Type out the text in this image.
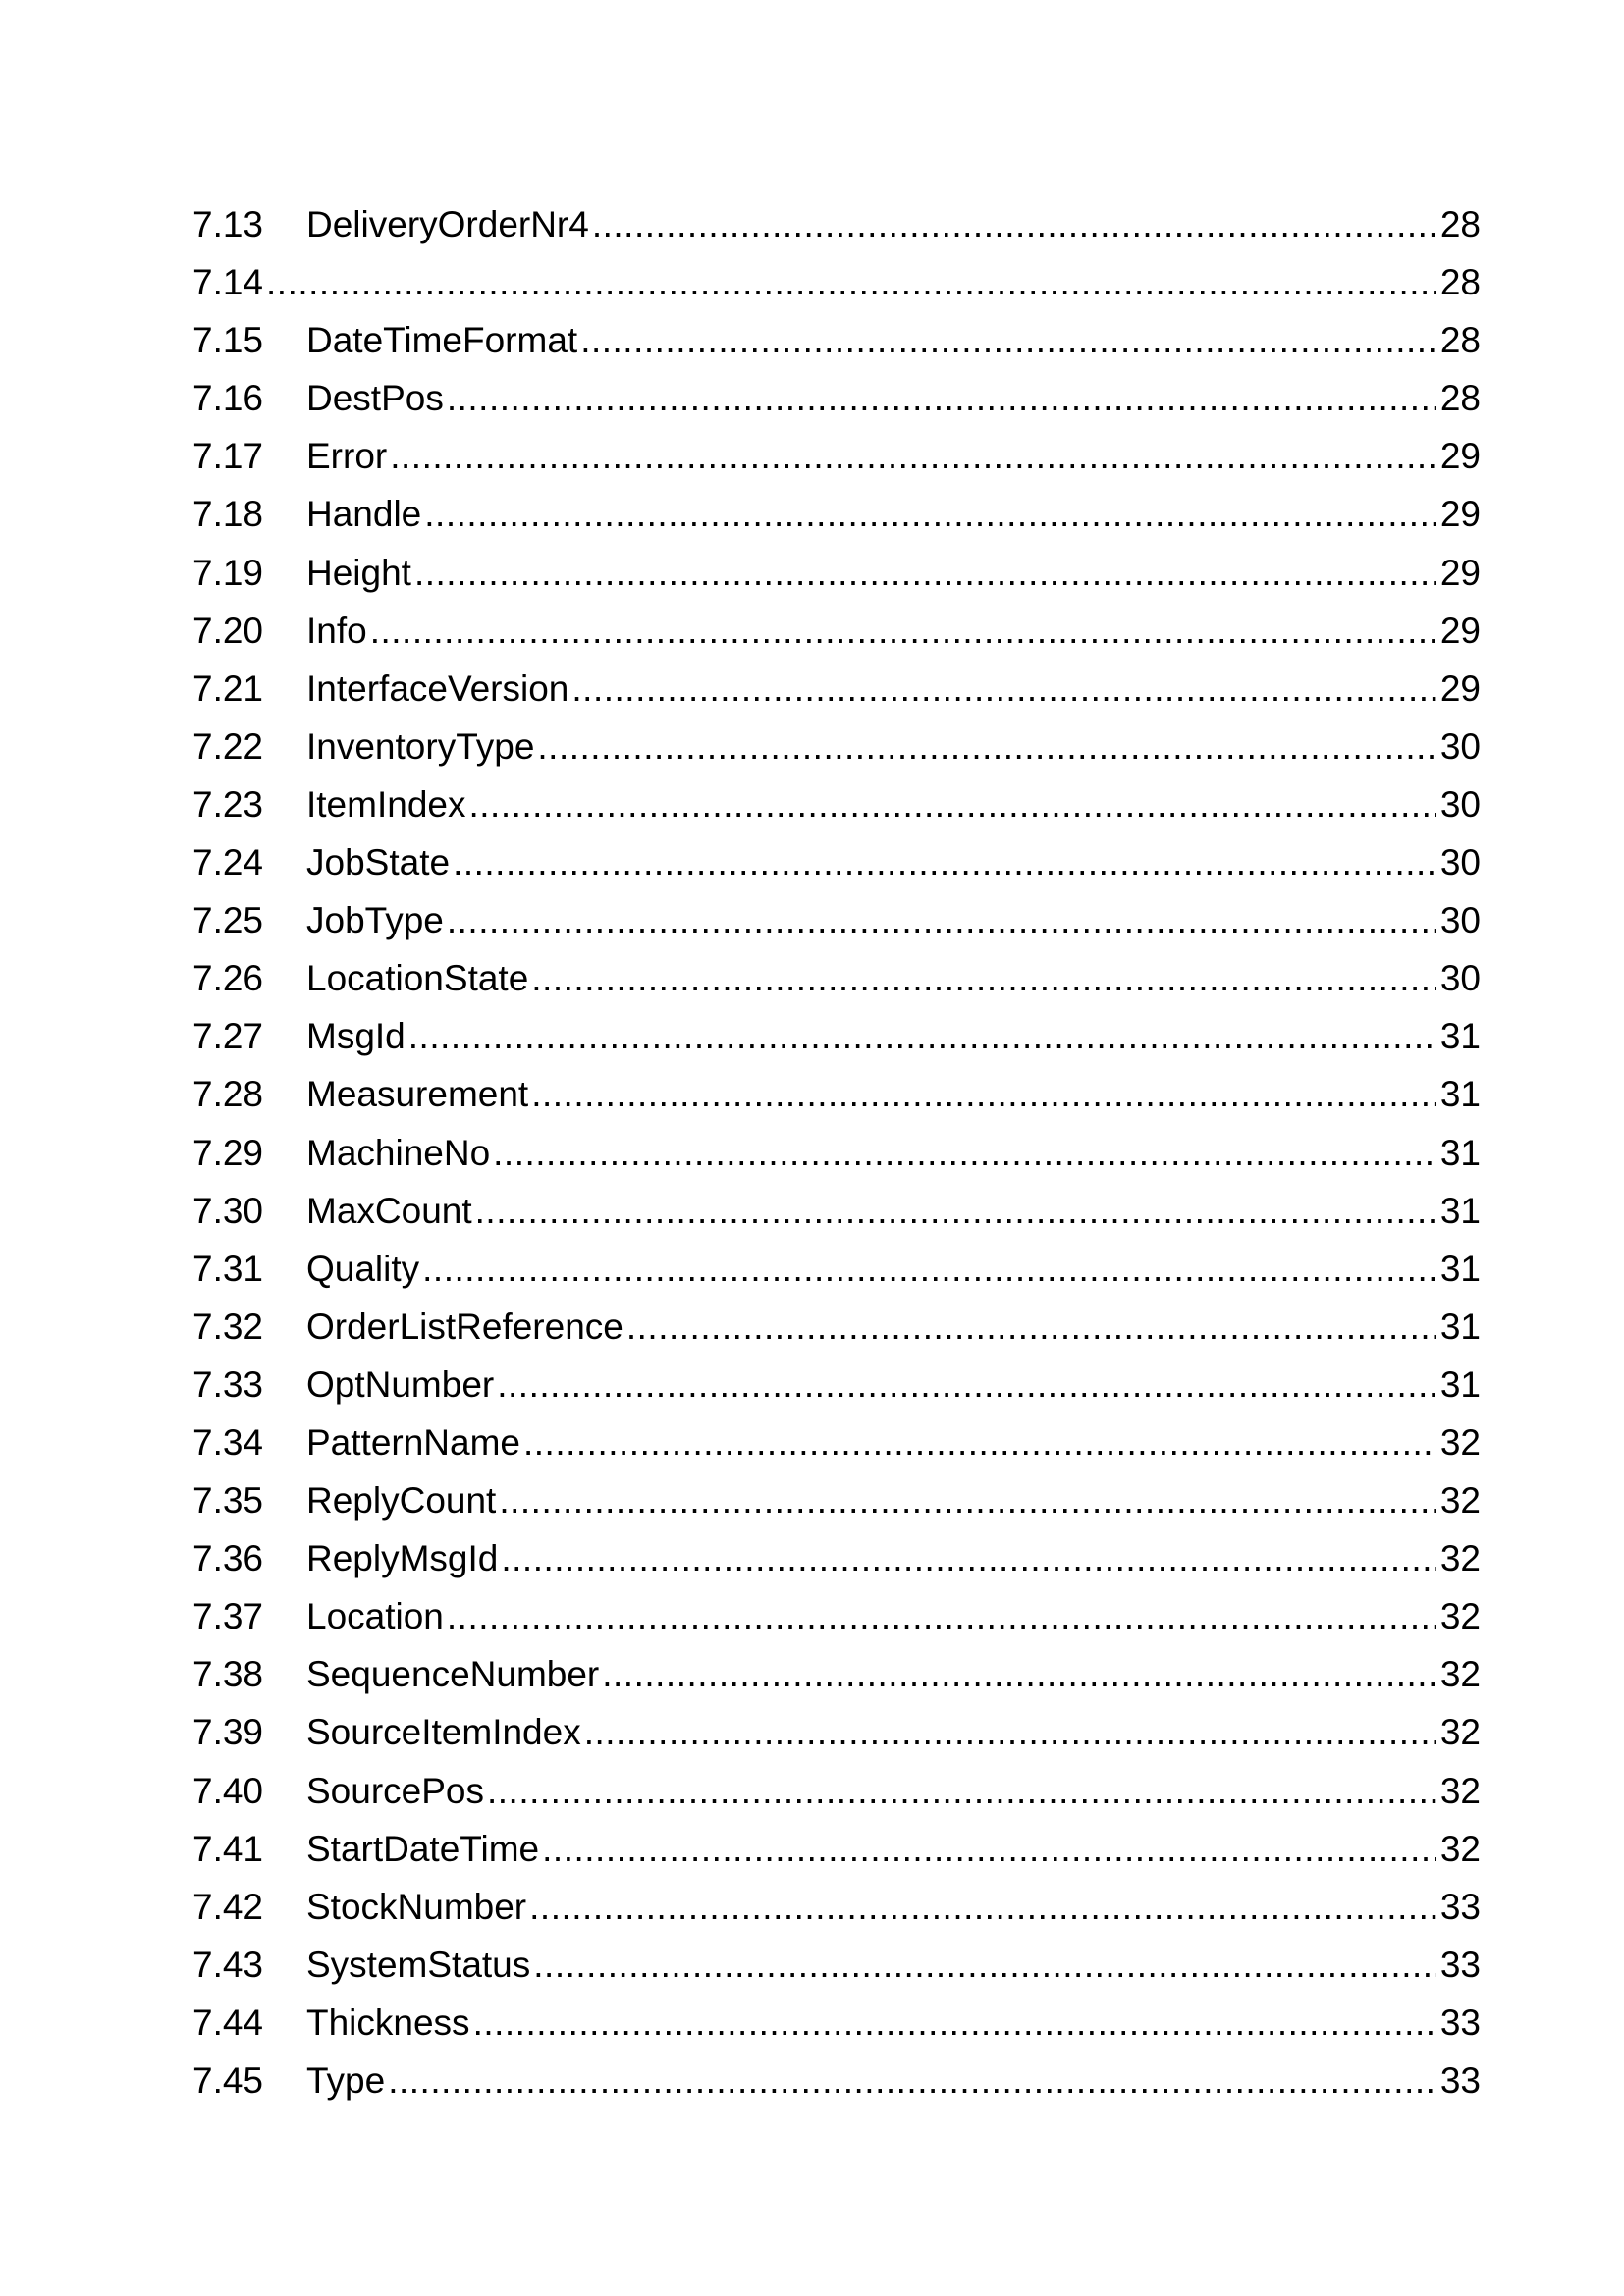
7.13	DeliveryOrderNr4 .....	28
7.14 .....	28
7.15	DateTimeFormat .....	28
7.16	DestPos .....	28
7.17	Error .....	29
7.18	Handle .....	29
7.19	Height .....	29
7.20	Info .....	29
7.21	InterfaceVersion .....	29
7.22	InventoryType .....	30
7.23	ItemIndex .....	30
7.24	JobState .....	30
7.25	JobType .....	30
7.26	LocationState .....	30
7.27	MsgId .....	31
7.28	Measurement .....	31
7.29	MachineNo .....	31
7.30	MaxCount .....	31
7.31	Quality .....	31
7.32	OrderListReference .....	31
7.33	OptNumber .....	31
7.34	PatternName .....	32
7.35	ReplyCount .....	32
7.36	ReplyMsgId .....	32
7.37	Location .....	32
7.38	SequenceNumber .....	32
7.39	SourceItemIndex .....	32
7.40	SourcePos .....	32
7.41	StartDateTime .....	32
7.42	StockNumber .....	33
7.43	SystemStatus .....	33
7.44	Thickness .....	33
7.45	Type .....	33
